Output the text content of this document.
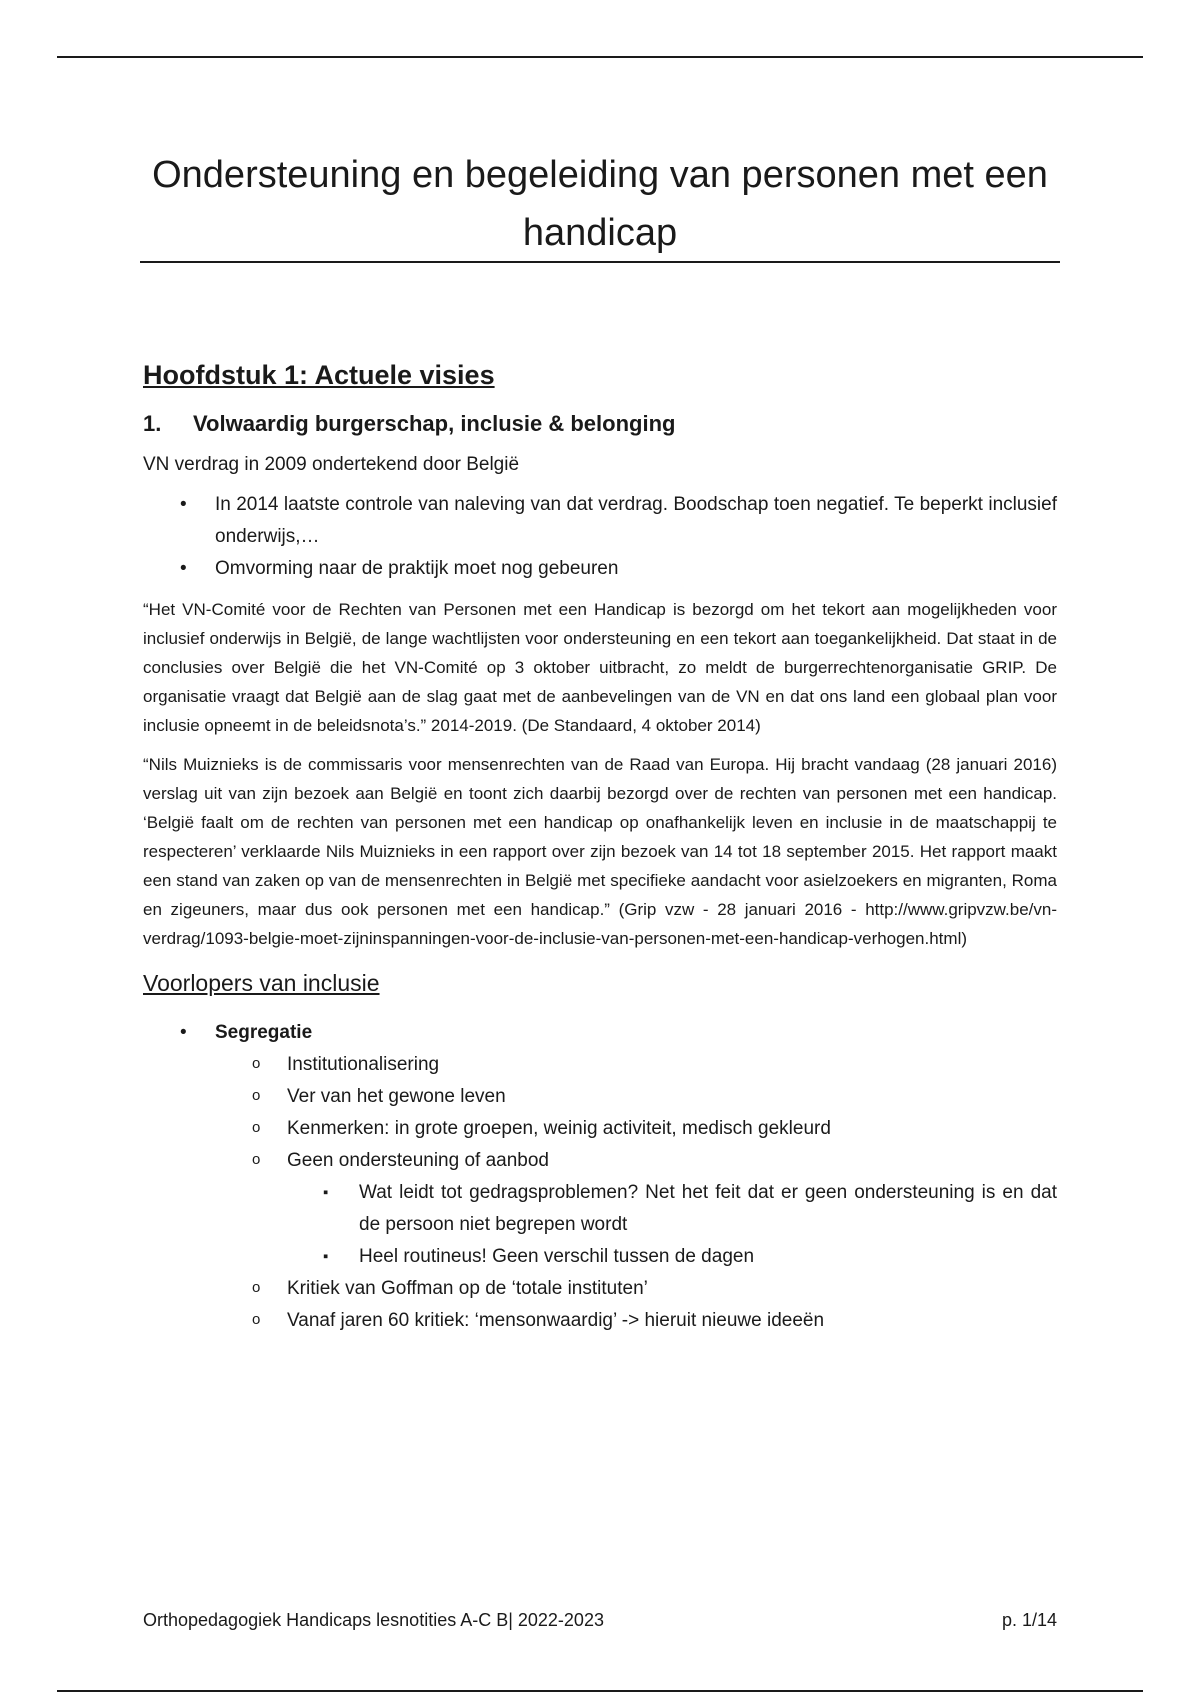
Ondersteuning en begeleiding van personen met een handicap
Hoofdstuk 1: Actuele visies
1. Volwaardig burgerschap, inclusie & belonging

VN verdrag in 2009 ondertekend door België

• In 2014 laatste controle van naleving van dat verdrag. Boodschap toen negatief. Te beperkt inclusief onderwijs,…
• Omvorming naar de praktijk moet nog gebeuren

“Het VN-Comité voor de Rechten van Personen met een Handicap is bezorgd om het tekort aan mogelijkheden voor inclusief onderwijs in België, de lange wachtlijsten voor ondersteuning en een tekort aan toegankelijkheid. Dat staat in de conclusies over België die het VN-Comité op 3 oktober uitbracht, zo meldt de burgerrechtenorganisatie GRIP. De organisatie vraagt dat België aan de slag gaat met de aanbevelingen van de VN en dat ons land een globaal plan voor inclusie opneemt in de beleidsnota’s.” 2014-2019. (De Standaard, 4 oktober 2014)

“Nils Muiznieks is de commissaris voor mensenrechten van de Raad van Europa. Hij bracht vandaag (28 januari 2016) verslag uit van zijn bezoek aan België en toont zich daarbij bezorgd over de rechten van personen met een handicap. ‘België faalt om de rechten van personen met een handicap op onafhankelijk leven en inclusie in de maatschappij te respecteren’ verklaarde Nils Muiznieks in een rapport over zijn bezoek van 14 tot 18 september 2015. Het rapport maakt een stand van zaken op van de mensenrechten in België met specifieke aandacht voor asielzoekers en migranten, Roma en zigeuners, maar dus ook personen met een handicap.” (Grip vzw - 28 januari 2016 - http://www.gripvzw.be/vn-verdrag/1093-belgie-moet-zijninspanningen-voor-de-inclusie-van-personen-met-een-handicap-verhogen.html)

Voorlopers van inclusie
• Segregatie
o Institutionalisering
o Ver van het gewone leven
o Kenmerken: in grote groepen, weinig activiteit, medisch gekleurd
o Geen ondersteuning of aanbod
▪ Wat leidt tot gedragsproblemen? Net het feit dat er geen ondersteuning is en dat de persoon niet begrepen wordt
▪ Heel routineus! Geen verschil tussen de dagen
o Kritiek van Goffman op de ‘totale instituten’
o Vanaf jaren 60 kritiek: ‘mensonwaardig’ -> hieruit nieuwe ideeën
Orthopedagogiek Handicaps lesnotities A-C B| 2022-2023	p. 1/14
